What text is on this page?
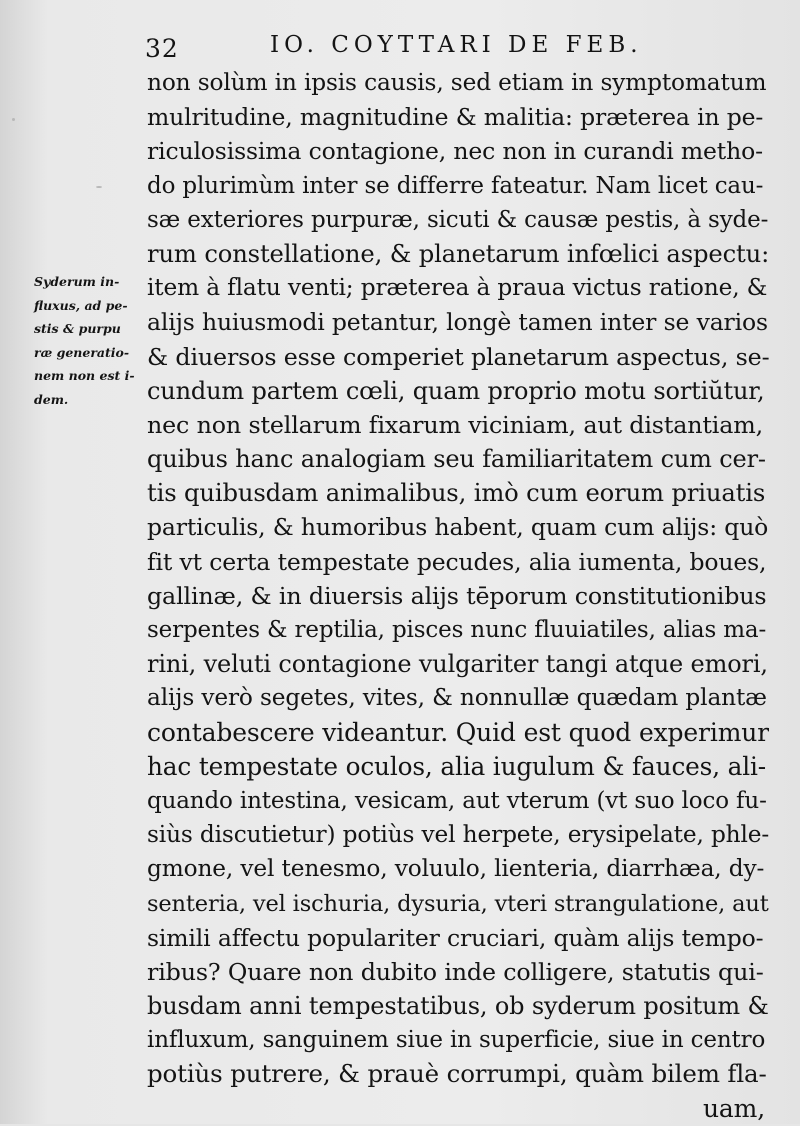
32	IO. COYTTARI DE FEB.
Syderum in-
fluxus, ad pe-
stis & purpu
ræ generatio-
nem non est i-
dem.
non solùm in ipsis causis, sed etiam in symptomatum
mulritudine, magnitudine & malitia: præterea in pe-
riculosissima contagione, nec non in curandi metho-
do plurimùm inter se differre fateatur. Nam licet cau-
sæ exteriores purpuræ, sicuti & causæ pestis, à syde-
rum constellatione, & planetarum infœlici aspectu:
item à flatu venti; præterea à praua victus ratione, &
alijs huiusmodi petantur, longè tamen inter se varios
& diuersos esse comperiet planetarum aspectus, se-
cundum partem cœli, quam proprio motu sortiŭtur,
nec non stellarum fixarum viciniam, aut distantiam,
quibus hanc analogiam seu familiaritatem cum cer-
tis quibusdam animalibus, imò cum eorum priuatis
particulis, & humoribus habent, quam cum alijs: quò
fit vt certa tempestate pecudes, alia iumenta, boues,
gallinæ, & in diuersis alijs tēporum constitutionibus
serpentes & reptilia, pisces nunc fluuiatiles, alias ma-
rini, veluti contagione vulgariter tangi atque emori,
alijs verò segetes, vites, & nonnullæ quædam plantæ
contabescere videantur. Quid est quod experimur
hac tempestate oculos, alia iugulum & fauces, ali-
quando intestina, vesicam, aut vterum (vt suo loco fu-
siùs discutietur) potiùs vel herpete, erysipelate, phle-
gmone, vel tenesmo, voluulo, lienteria, diarrhæa, dy-
senteria, vel ischuria, dysuria, vteri strangulatione, aut
simili affectu populariter cruciari, quàm alijs tempo-
ribus? Quare non dubito inde colligere, statutis qui-
busdam anni tempestatibus, ob syderum positum &
influxum, sanguinem siue in superficie, siue in centro
potiùs putrere, & prauè corrumpi, quàm bilem fla-
uam,
